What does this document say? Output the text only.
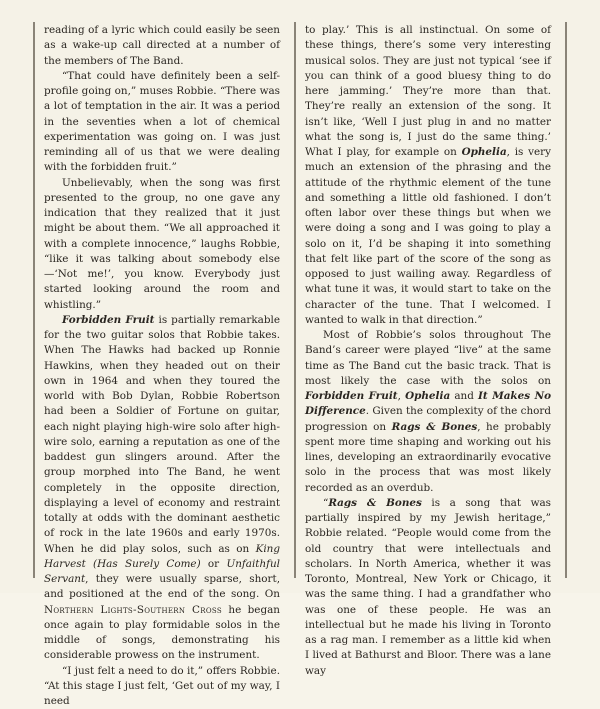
reading of a lyric which could easily be seen as a wake-up call directed at a number of the members of The Band.

“That could have definitely been a self-profile going on,” muses Robbie. “There was a lot of temptation in the air. It was a period in the seventies when a lot of chemical experimentation was going on. I was just reminding all of us that we were dealing with the forbidden fruit.”

Unbelievably, when the song was first presented to the group, no one gave any indication that they realized that it just might be about them. “We all approached it with a complete innocence,” laughs Robbie, “like it was talking about somebody else—‘Not me!’, you know. Everybody just started looking around the room and whistling.”

Forbidden Fruit is partially remarkable for the two guitar solos that Robbie takes. When The Hawks had backed up Ronnie Hawkins, when they headed out on their own in 1964 and when they toured the world with Bob Dylan, Robbie Robertson had been a Soldier of Fortune on guitar, each night playing high-wire solo after high-wire solo, earning a reputation as one of the baddest gun slingers around. After the group morphed into The Band, he went completely in the opposite direction, displaying a level of economy and restraint totally at odds with the dominant aesthetic of rock in the late 1960s and early 1970s. When he did play solos, such as on King Harvest (Has Surely Come) or Unfaithful Servant, they were usually sparse, short, and positioned at the end of the song. On Northern Lights-Southern Cross he began once again to play formidable solos in the middle of songs, demonstrating his considerable prowess on the instrument.

“I just felt a need to do it,” offers Robbie. “At this stage I just felt, ‘Get out of my way, I need

to play.’ This is all instinctual. On some of these things, there’s some very interesting musical solos. They are just not typical ‘see if you can think of a good bluesy thing to do here jamming.’ They’re more than that. They’re really an extension of the song. It isn’t like, ‘Well I just plug in and no matter what the song is, I just do the same thing.’ What I play, for example on Ophelia, is very much an extension of the phrasing and the attitude of the rhythmic element of the tune and something a little old fashioned. I don’t often labor over these things but when we were doing a song and I was going to play a solo on it, I’d be shaping it into something that felt like part of the score of the song as opposed to just wailing away. Regardless of what tune it was, it would start to take on the character of the tune. That I welcomed. I wanted to walk in that direction.”

Most of Robbie’s solos throughout The Band’s career were played “live” at the same time as The Band cut the basic track. That is most likely the case with the solos on Forbidden Fruit, Ophelia and It Makes No Difference. Given the complexity of the chord progression on Rags & Bones, he probably spent more time shaping and working out his lines, developing an extraordinarily evocative solo in the process that was most likely recorded as an overdub.

“Rags & Bones is a song that was partially inspired by my Jewish heritage,” Robbie related. “People would come from the old country that were intellectuals and scholars. In North America, whether it was Toronto, Montreal, New York or Chicago, it was the same thing. I had a grandfather who was one of these people. He was an intellectual but he made his living in Toronto as a rag man. I remember as a little kid when I lived at Bathurst and Bloor. There was a lane way
